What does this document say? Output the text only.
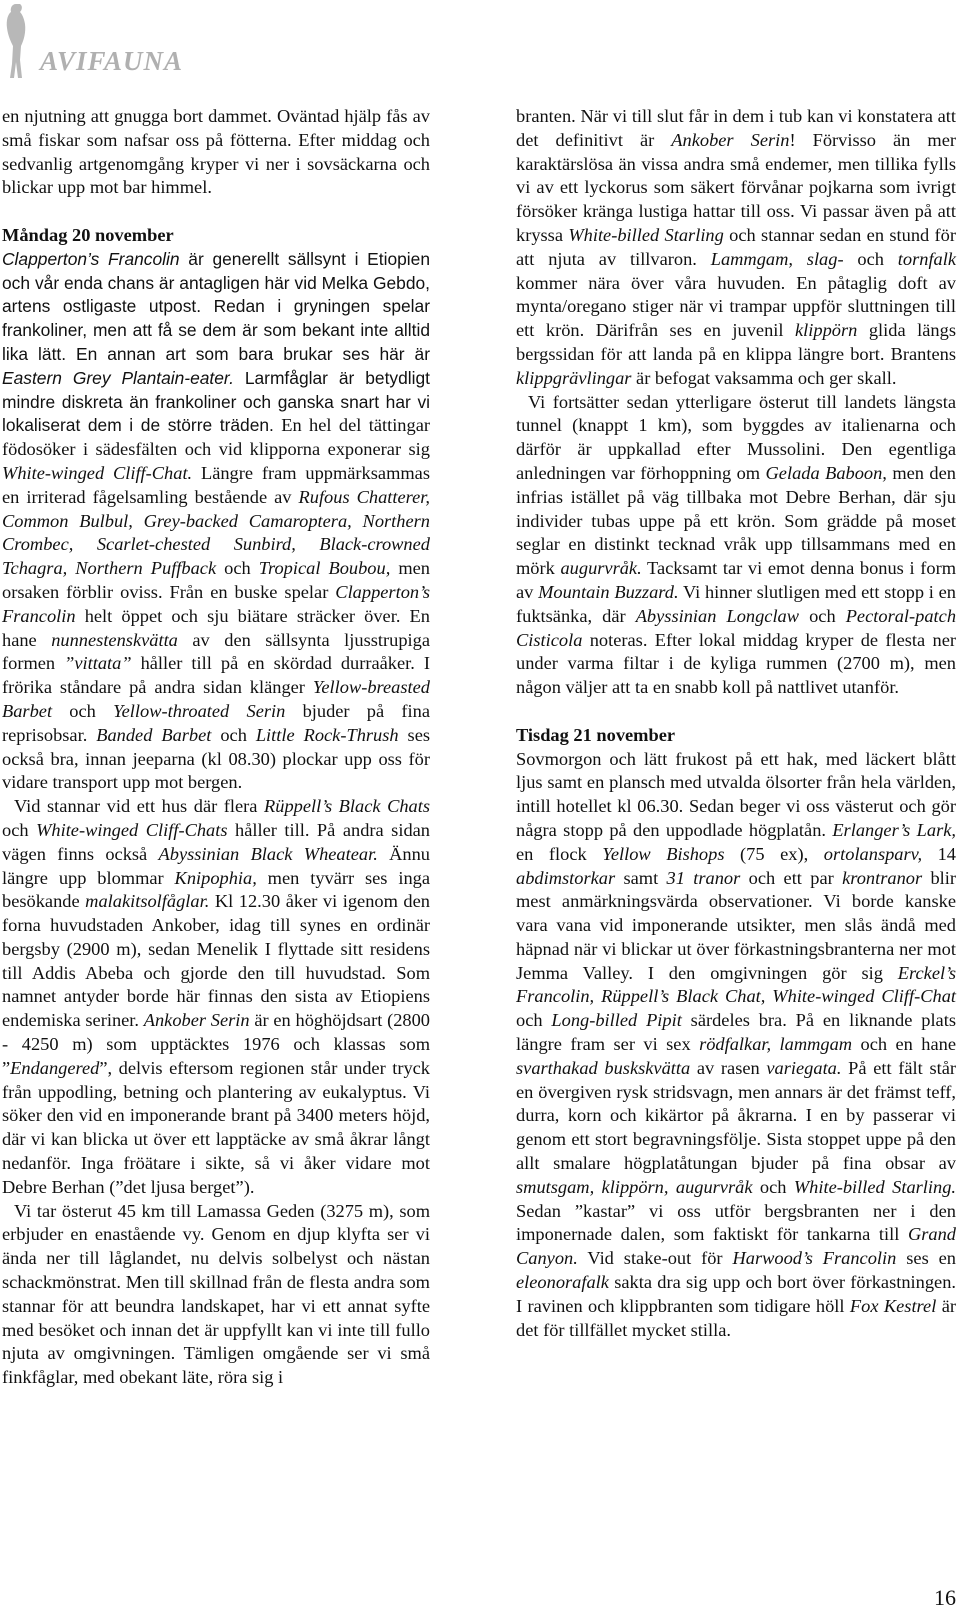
AVIFAUNA

en njutning att gnugga bort dammet. Oväntad hjälp fås av små fiskar som nafsar oss på fötterna. Efter middag och sedvanlig artgenomgång kryper vi ner i sovsäckarna och blickar upp mot bar himmel.

Måndag 20 november

Clapperton’s Francolin är generellt sällsynt i Etiopien och vår enda chans är antagligen här vid Melka Gebdo, artens ostligaste utpost. Redan i gryningen spelar frankoliner, men att få se dem är som bekant inte alltid lika lätt. En annan art som bara brukar ses här är Eastern Grey Plantain-eater. Larmfåglar är betydligt mindre diskreta än frankoliner och ganska snart har vi lokaliserat dem i de större träden. En hel del tättingar födosöker i sädesfälten och vid klipporna exponerar sig White-winged Cliff-Chat. Längre fram uppmärksammas en irriterad fågelsamling bestående av Rufous Chatterer, Common Bulbul, Grey-backed Camaroptera, Northern Crombec, Scarlet-chested Sunbird, Black-crowned Tchagra, Northern Puffback och Tropical Boubou, men orsaken förblir oviss. Från en buske spelar Clapperton’s Francolin helt öppet och sju biätare sträcker över. En hane nunnestenskvätta av den sällsynta ljusstrupiga formen ”vittata” håller till på en skördad durraåker. I frörika ståndare på andra sidan klänger Yellow-breasted Barbet och Yellow-throated Serin bjuder på fina reprisobsar. Banded Barbet och Little Rock-Thrush ses också bra, innan jeeparna (kl 08.30) plockar upp oss för vidare transport upp mot bergen.

Vid stannar vid ett hus där flera Rüppell’s Black Chats och White-winged Cliff-Chats håller till. På andra sidan vägen finns också Abyssinian Black Wheatear. Ännu längre upp blommar Knipophia, men tyvärr ses inga besökande malakitsolfåglar. Kl 12.30 åker vi igenom den forna huvudstaden Ankober, idag till synes en ordinär bergsby (2900 m), sedan Menelik I flyttade sitt residens till Addis Abeba och gjorde den till huvudstad. Som namnet antyder borde här finnas den sista av Etiopiens endemiska seriner. Ankober Serin är en höghöjdsart (2800 - 4250 m) som upptäcktes 1976 och klassas som ”Endangered”, delvis eftersom regionen står under tryck från uppodling, betning och plantering av eukalyptus. Vi söker den vid en imponerande brant på 3400 meters höjd, där vi kan blicka ut över ett lapptäcke av små åkrar långt nedanför. Inga fröätare i sikte, så vi åker vidare mot Debre Berhan (”det ljusa berget”).

Vi tar österut 45 km till Lamassa Geden (3275 m), som erbjuder en enastående vy. Genom en djup klyfta ser vi ända ner till låglandet, nu delvis solbelyst och nästan schackmönstrat. Men till skillnad från de flesta andra som stannar för att beundra landskapet, har vi ett annat syfte med besöket och innan det är uppfyllt kan vi inte till fullo njuta av omgivningen. Tämligen omgående ser vi små finkfåglar, med obekant läte, röra sig i

branten. När vi till slut får in dem i tub kan vi konstatera att det definitivt är Ankober Serin! Förvisso än mer karaktärslösa än vissa andra små endemer, men tillika fylls vi av ett lyckorus som säkert förvånar pojkarna som ivrigt försöker kränga lustiga hattar till oss. Vi passar även på att kryssa White-billed Starling och stannar sedan en stund för att njuta av tillvaron. Lammgam, slag- och tornfalk kommer nära över våra huvuden. En påtaglig doft av mynta/oregano stiger när vi trampar uppför sluttningen till ett krön. Därifrån ses en juvenil klippörn glida längs bergssidan för att landa på en klippa längre bort. Brantens klippgrävlingar är befogat vaksamma och ger skall.

Vi fortsätter sedan ytterligare österut till landets längsta tunnel (knappt 1 km), som byggdes av italienarna och därför är uppkallad efter Mussolini. Den egentliga anledningen var förhoppning om Gelada Baboon, men den infrias istället på väg tillbaka mot Debre Berhan, där sju individer tubas uppe på ett krön. Som grädde på moset seglar en distinkt tecknad vråk upp tillsammans med en mörk augurvråk. Tacksamt tar vi emot denna bonus i form av Mountain Buzzard. Vi hinner slutligen med ett stopp i en fuktsänka, där Abyssinian Longclaw och Pectoral-patch Cisticola noteras. Efter lokal middag kryper de flesta ner under varma filtar i de kyliga rummen (2700 m), men någon väljer att ta en snabb koll på nattlivet utanför.

Tisdag 21 november

Sovmorgon och lätt frukost på ett hak, med läckert blått ljus samt en plansch med utvalda ölsorter från hela världen, intill hotellet kl 06.30. Sedan beger vi oss västerut och gör några stopp på den uppodlade högplatån. Erlanger’s Lark, en flock Yellow Bishops (75 ex), ortolansparv, 14 abdimstorkar samt 31 tranor och ett par krontranor blir mest anmärkningsvärda observationer. Vi borde kanske vara vana vid imponerande utsikter, men slås ändå med häpnad när vi blickar ut över förkastningsbranterna ner mot Jemma Valley. I den omgivningen gör sig Erckel’s Francolin, Rüppell’s Black Chat, White-winged Cliff-Chat och Long-billed Pipit särdeles bra. På en liknande plats längre fram ser vi sex rödfalkar, lammgam och en hane svarthakad buskskvätta av rasen variegata. På ett fält står en övergiven rysk stridsvagn, men annars är det främst teff, durra, korn och kikärtor på åkrarna. I en by passerar vi genom ett stort begravningsfölje. Sista stoppet uppe på den allt smalare högplatåtungan bjuder på fina obsar av smutsgam, klippörn, augurvråk och White-billed Starling. Sedan ”kastar” vi oss utför bergsbranten ner i den imponernade dalen, som faktiskt för tankarna till Grand Canyon. Vid stake-out för Harwood’s Francolin ses en eleonorafalk sakta dra sig upp och bort över förkastningen. I ravinen och klippbranten som tidigare höll Fox Kestrel är det för tillfället mycket stilla.

16
